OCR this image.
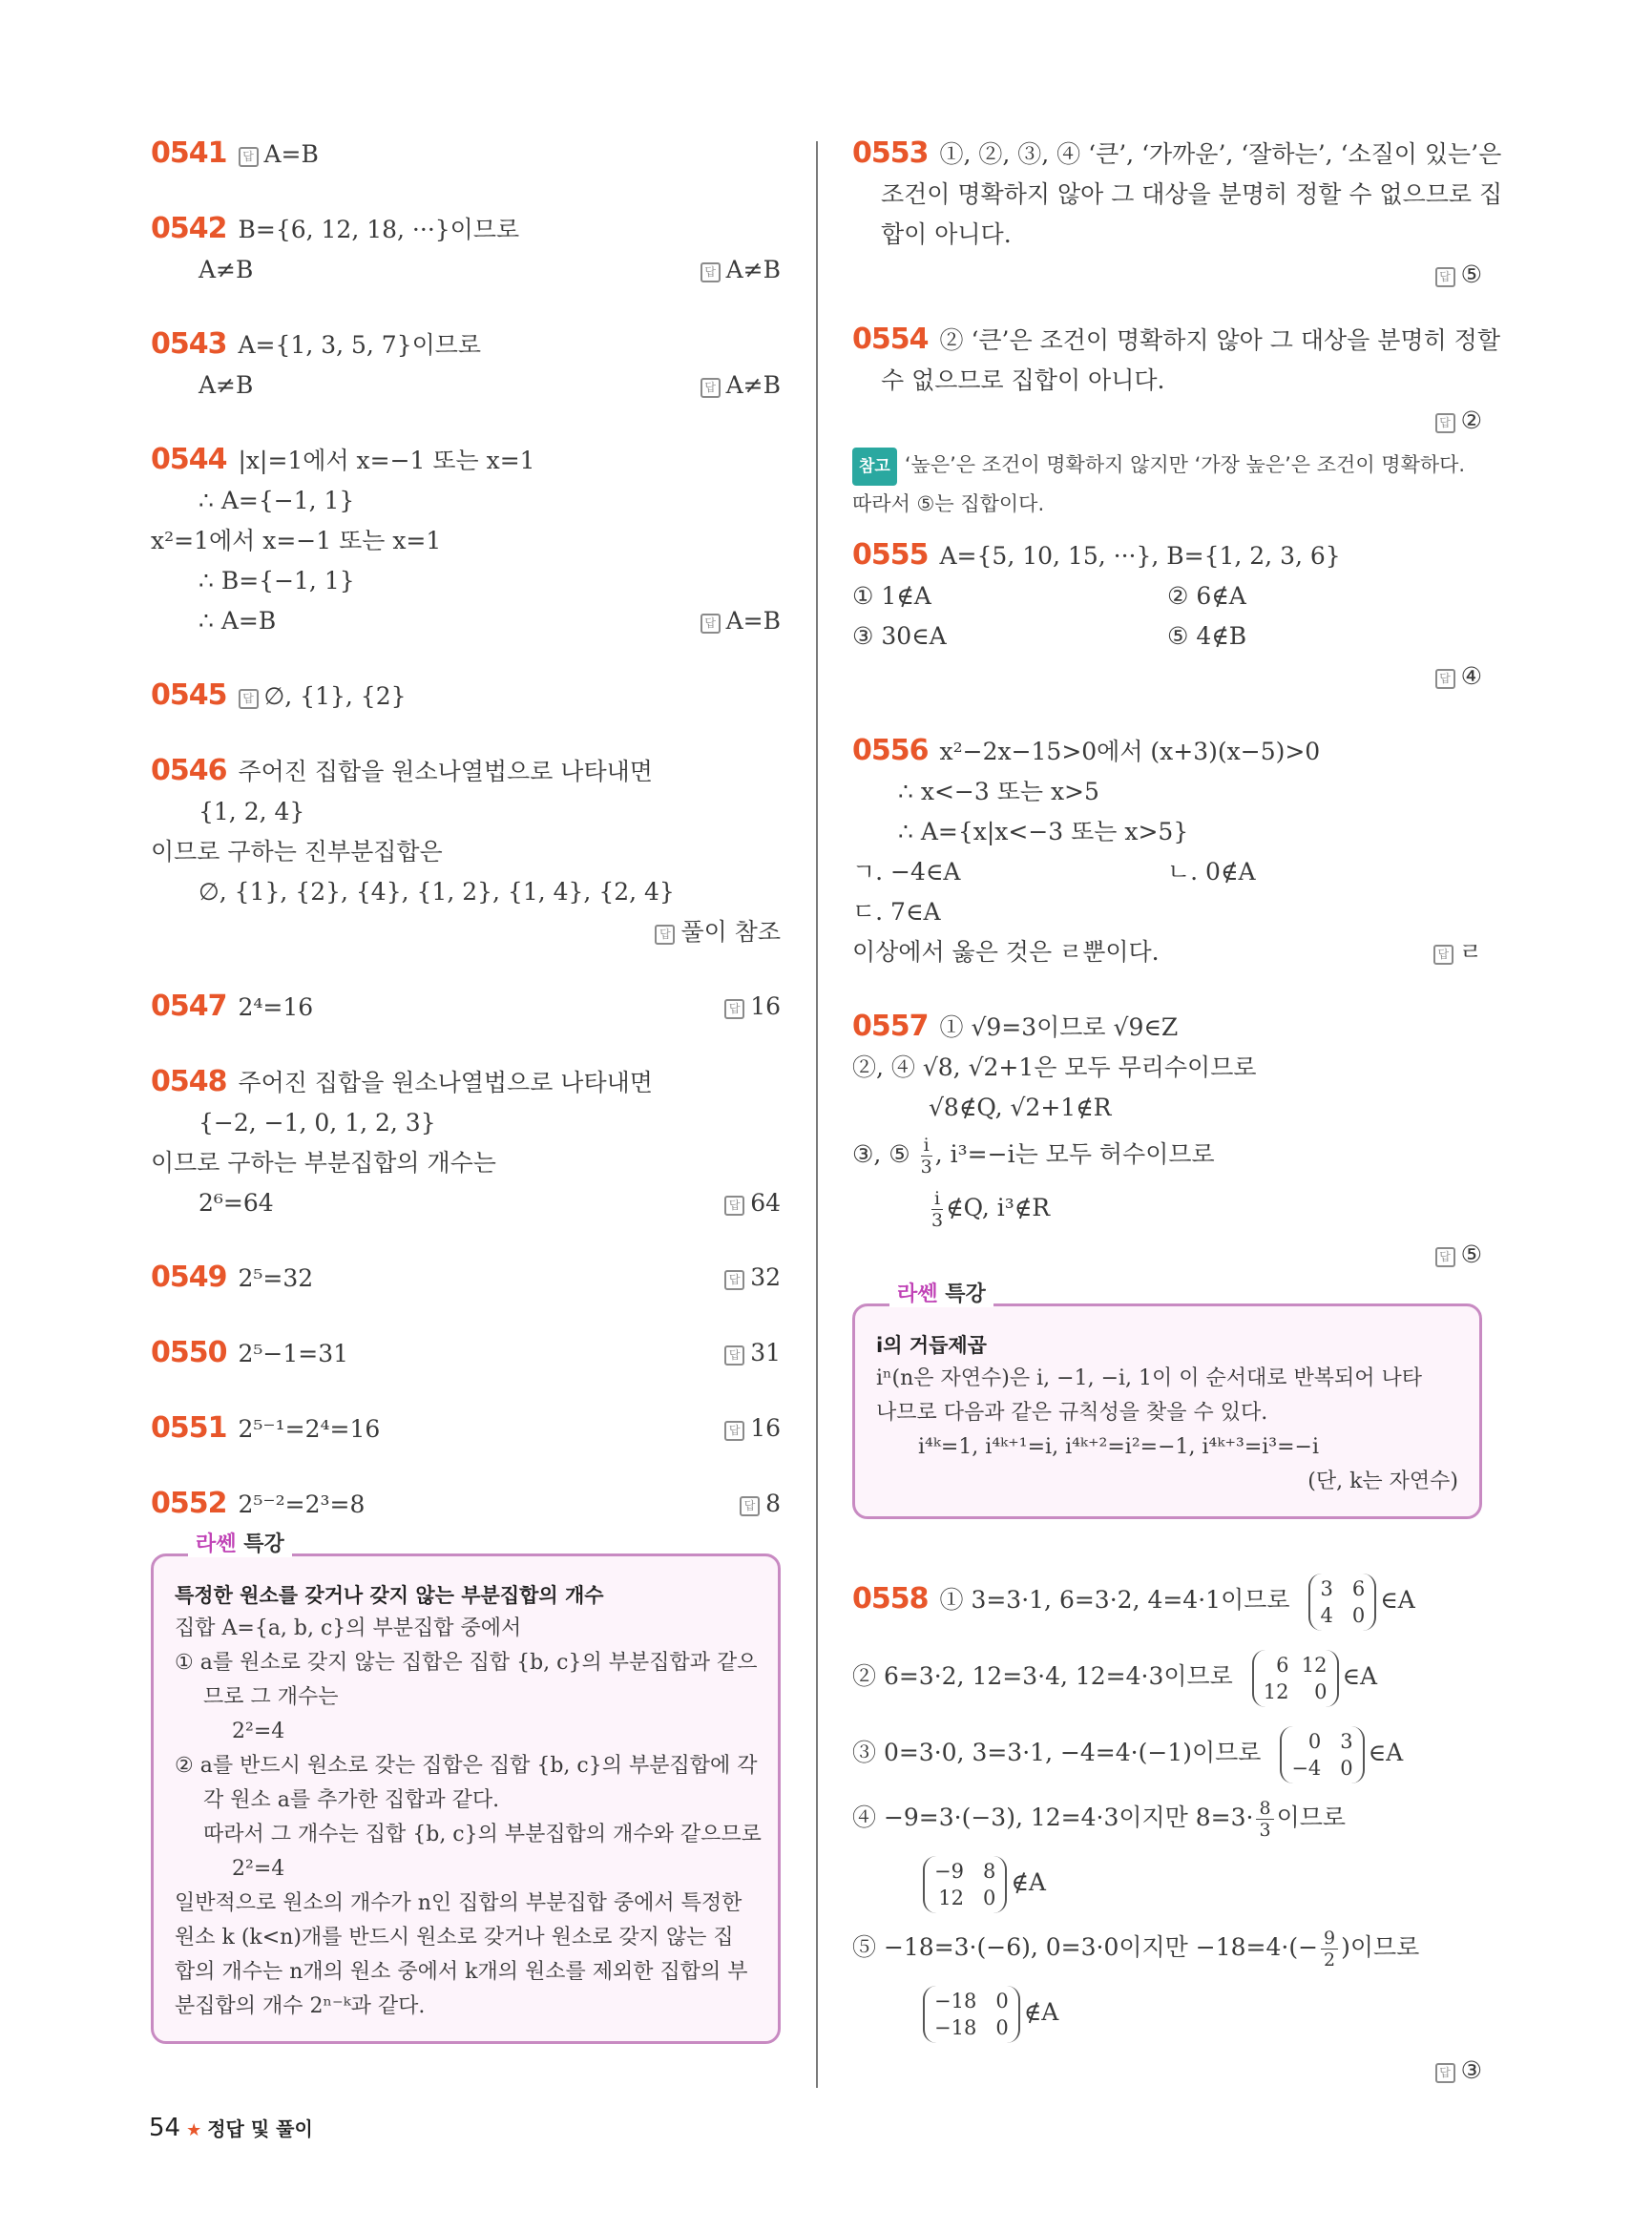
0541 답 A=B
0542 B={6, 12, 18, ···}이므로
A≠B 답	A≠B
0543 A={1, 3, 5, 7}이므로
A≠B 답	A≠B
0544 |x|=1에서 x=−1 또는 x=1
∴ A={−1, 1}
x²=1에서 x=−1 또는 x=1
∴ B={−1, 1}
∴ A=B 답	A=B
0545 답 ∅, {1}, {2}
0546 주어진 집합을 원소나열법으로 나타내면
{1, 2, 4}
이므로 구하는 진부분집합은
∅, {1}, {2}, {4}, {1, 2}, {1, 4}, {2, 4}
답풀이 참조

0547 2⁴=16 답	16
0548 주어진 집합을 원소나열법으로 나타내면
{−2, −1, 0, 1, 2, 3}
이므로 구하는 부분집합의 개수는
2⁶=64 답	64
0549 2⁵=32 답	32
0550 2⁵−1=31 답	31
0551 2⁵⁻¹=2⁴=16 답	16
0552 2⁵⁻²=2³=8 답	8
라쎈 특강
특정한 원소를 갖거나 갖지 않는 부분집합의 개수
집합 A={a, b, c}의 부분집합 중에서
① a를 원소로 갖지 않는 집합은 집합 {b, c}의 부분집합과 같으
므로 그 개수는
2²=4
② a를 반드시 원소로 갖는 집합은 집합 {b, c}의 부분집합에 각
각 원소 a를 추가한 집합과 같다.
따라서 그 개수는 집합 {b, c}의 부분집합의 개수와 같으므로
2²=4
일반적으로 원소의 개수가 n인 집합의 부분집합 중에서 특정한
원소 k (k<n)개를 반드시 원소로 갖거나 원소로 갖지 않는 집
합의 개수는 n개의 원소 중에서 k개의 원소를 제외한 집합의 부
분집합의 개수 2ⁿ⁻ᵏ과 같다.
0553 ①, ②, ③, ④ ‘큰’, ‘가까운’, ‘잘하는’, ‘소질이 있는’은
조건이 명확하지 않아 그 대상을 분명히 정할 수 없으므로 집
합이 아니다.
답⑤

0554 ② ‘큰’은 조건이 명확하지 않아 그 대상을 분명히 정할
수 없으므로 집합이 아니다.
답②

참고 ‘높은’은 조건이 명확하지 않지만 ‘가장 높은’은 조건이 명확하다.
따라서 ⑤는 집합이다.
0555 A={5, 10, 15, ···}, B={1, 2, 3, 6}
① 1∉A	② 6∉A
③ 30∈A	⑤ 4∉B
답④

0556 x²−2x−15>0에서 (x+3)(x−5)>0
∴ x<−3 또는 x>5
∴ A={x|x<−3 또는 x>5}
ㄱ. −4∈A	ㄴ. 0∉A
ㄷ. 7∈A
이상에서 옳은 것은 ㄹ뿐이다. 답	ㄹ
0557 ① √9=3이므로 √9∈Z
②, ④ √8, √2+1은 모두 무리수이므로
√8∉Q, √2+1∉R
③, ⑤ $\frac{i}{3}$ , i³=−i는 모두 허수이므로
$\frac{i}{3}$ ∉Q, i³∉R
답⑤

라쎈 특강
i의 거듭제곱
iⁿ(n은 자연수)은 i, −1, −i, 1이 이 순서대로 반복되어 나타
나므로 다음과 같은 규칙성을 찾을 수 있다.
i⁴ᵏ=1, i⁴ᵏ⁺¹=i, i⁴ᵏ⁺²=i²=−1, i⁴ᵏ⁺³=i³=−i
(단, k는 자연수)
0558 ① 3=3·1, 6=3·2, 4=4·1이므로 3   6
4   0
∈A
② 6=3·2, 12=3·4, 12=4·3이므로 6  12
12    0
∈A
③ 0=3·0, 3=3·1, −4=4·(−1)이므로 0   3
−4   0
∈A
④ −9=3·(−3), 12=4·3이지만 $8=3\cdot \frac{8}{3}$ 이므로
−9   8
12   0
∉A
⑤ −18=3·(−6), 0=3·0이지만 $-18=4\cdot(- \frac{9}{2}$ )이므로
−18   0
−18   0
∉A
답③

54 ★ 정답 및 풀이
